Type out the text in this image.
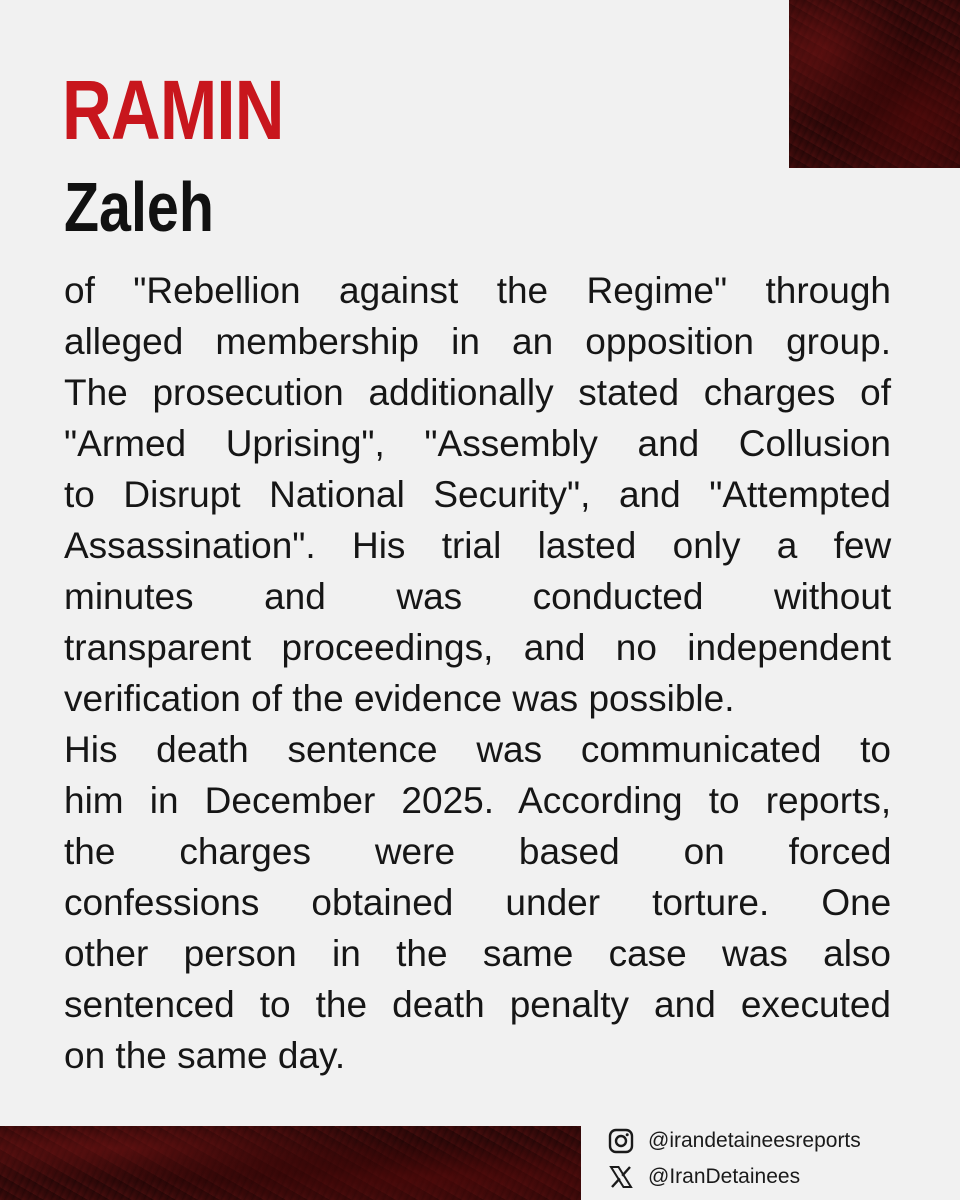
RAMIN
Zaleh
of "Rebellion against the Regime" through
alleged membership in an opposition group.
The prosecution additionally stated charges of
"Armed Uprising", "Assembly and Collusion
to Disrupt National Security", and "Attempted
Assassination". His trial lasted only a few
minutes and was conducted without
transparent proceedings, and no independent
verification of the evidence was possible.
His death sentence was communicated to
him in December 2025. According to reports,
the charges were based on forced
confessions obtained under torture. One
other person in the same case was also
sentenced to the death penalty and executed
on the same day.
@irandetaineesreports
@IranDetainees
